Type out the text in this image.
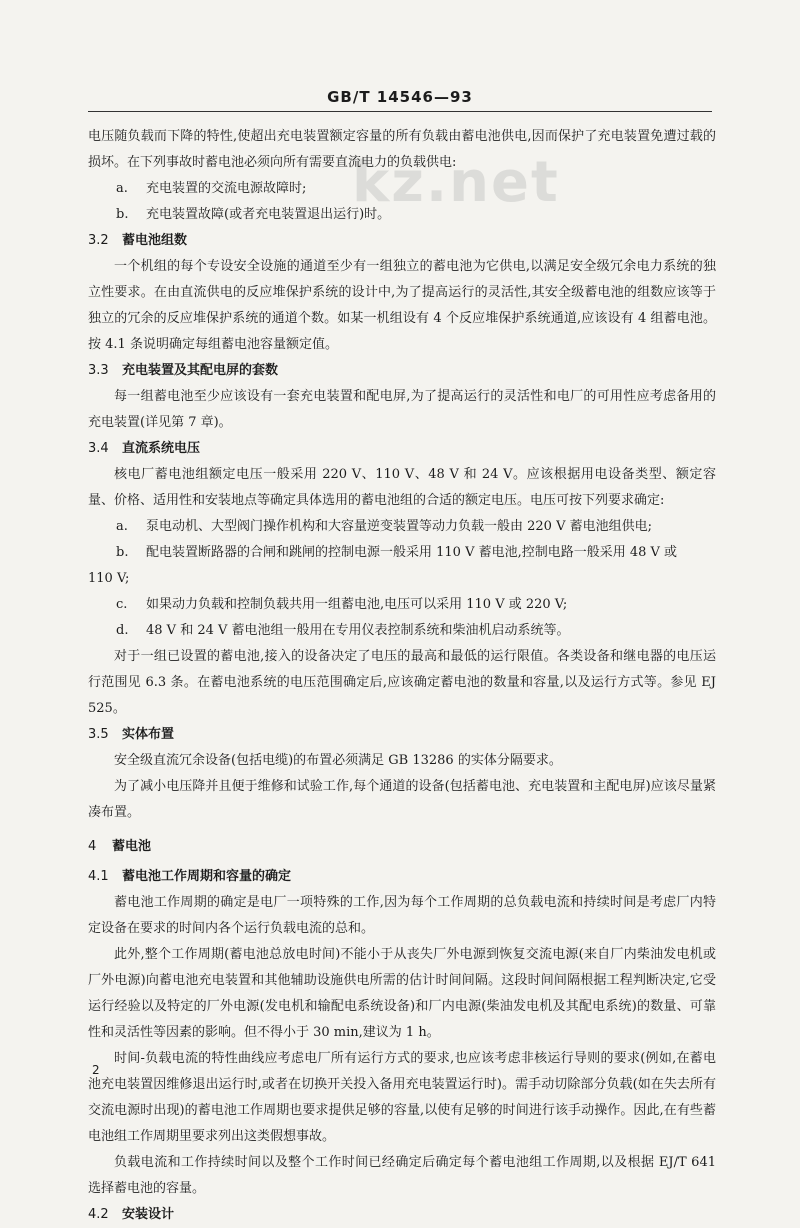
GB/T 14546—93
kz.net

电压随负载而下降的特性,使超出充电装置额定容量的所有负载由蓄电池供电,因而保护了充电装置免遭过载的损坏。在下列事故时蓄电池必须向所有需要直流电力的负载供电:

a.	充电装置的交流电源故障时;

b.	充电装置故障(或者充电装置退出运行)时。

3.2 蓄电池组数

一个机组的每个专设安全设施的通道至少有一组独立的蓄电池为它供电,以满足安全级冗余电力系统的独立性要求。在由直流供电的反应堆保护系统的设计中,为了提高运行的灵活性,其安全级蓄电池的组数应该等于独立的冗余的反应堆保护系统的通道个数。如某一机组设有 4 个反应堆保护系统通道,应该设有 4 组蓄电池。按 4.1 条说明确定每组蓄电池容量额定值。

3.3 充电装置及其配电屏的套数

每一组蓄电池至少应该设有一套充电装置和配电屏,为了提高运行的灵活性和电厂的可用性应考虑备用的充电装置(详见第 7 章)。

3.4 直流系统电压

核电厂蓄电池组额定电压一般采用 220 V、110 V、48 V 和 24 V。应该根据用电设备类型、额定容量、价格、适用性和安装地点等确定具体选用的蓄电池组的合适的额定电压。电压可按下列要求确定:

a.	泵电动机、大型阀门操作机构和大容量逆变装置等动力负载一般由 220 V 蓄电池组供电;

b.	配电装置断路器的合闸和跳闸的控制电源一般采用 110 V 蓄电池,控制电路一般采用 48 V 或

110 V;

c.	如果动力负载和控制负载共用一组蓄电池,电压可以采用 110 V 或 220 V;

d.	48 V 和 24 V 蓄电池组一般用在专用仪表控制系统和柴油机启动系统等。

对于一组已设置的蓄电池,接入的设备决定了电压的最高和最低的运行限值。各类设备和继电器的电压运行范围见 6.3 条。在蓄电池系统的电压范围确定后,应该确定蓄电池的数量和容量,以及运行方式等。参见 EJ 525。

3.5 实体布置

安全级直流冗余设备(包括电缆)的布置必须满足 GB 13286 的实体分隔要求。

为了减小电压降并且便于维修和试验工作,每个通道的设备(包括蓄电池、充电装置和主配电屏)应该尽量紧凑布置。

4 蓄电池

4.1 蓄电池工作周期和容量的确定

蓄电池工作周期的确定是电厂一项特殊的工作,因为每个工作周期的总负载电流和持续时间是考虑厂内特定设备在要求的时间内各个运行负载电流的总和。

此外,整个工作周期(蓄电池总放电时间)不能小于从丧失厂外电源到恢复交流电源(来自厂内柴油发电机或厂外电源)向蓄电池充电装置和其他辅助设施供电所需的估计时间间隔。这段时间间隔根据工程判断决定,它受运行经验以及特定的厂外电源(发电机和输配电系统设备)和厂内电源(柴油发电机及其配电系统)的数量、可靠性和灵活性等因素的影响。但不得小于 30 min,建议为 1 h。

时间-负载电流的特性曲线应考虑电厂所有运行方式的要求,也应该考虑非核运行导则的要求(例如,在蓄电池充电装置因维修退出运行时,或者在切换开关投入备用充电装置运行时)。需手动切除部分负载(如在失去所有交流电源时出现)的蓄电池工作周期也要求提供足够的容量,以使有足够的时间进行该手动操作。因此,在有些蓄电池组工作周期里要求列出这类假想事故。

负载电流和工作持续时间以及整个工作时间已经确定后确定每个蓄电池组工作周期,以及根据 EJ/T 641 选择蓄电池的容量。

4.2 安装设计

2
